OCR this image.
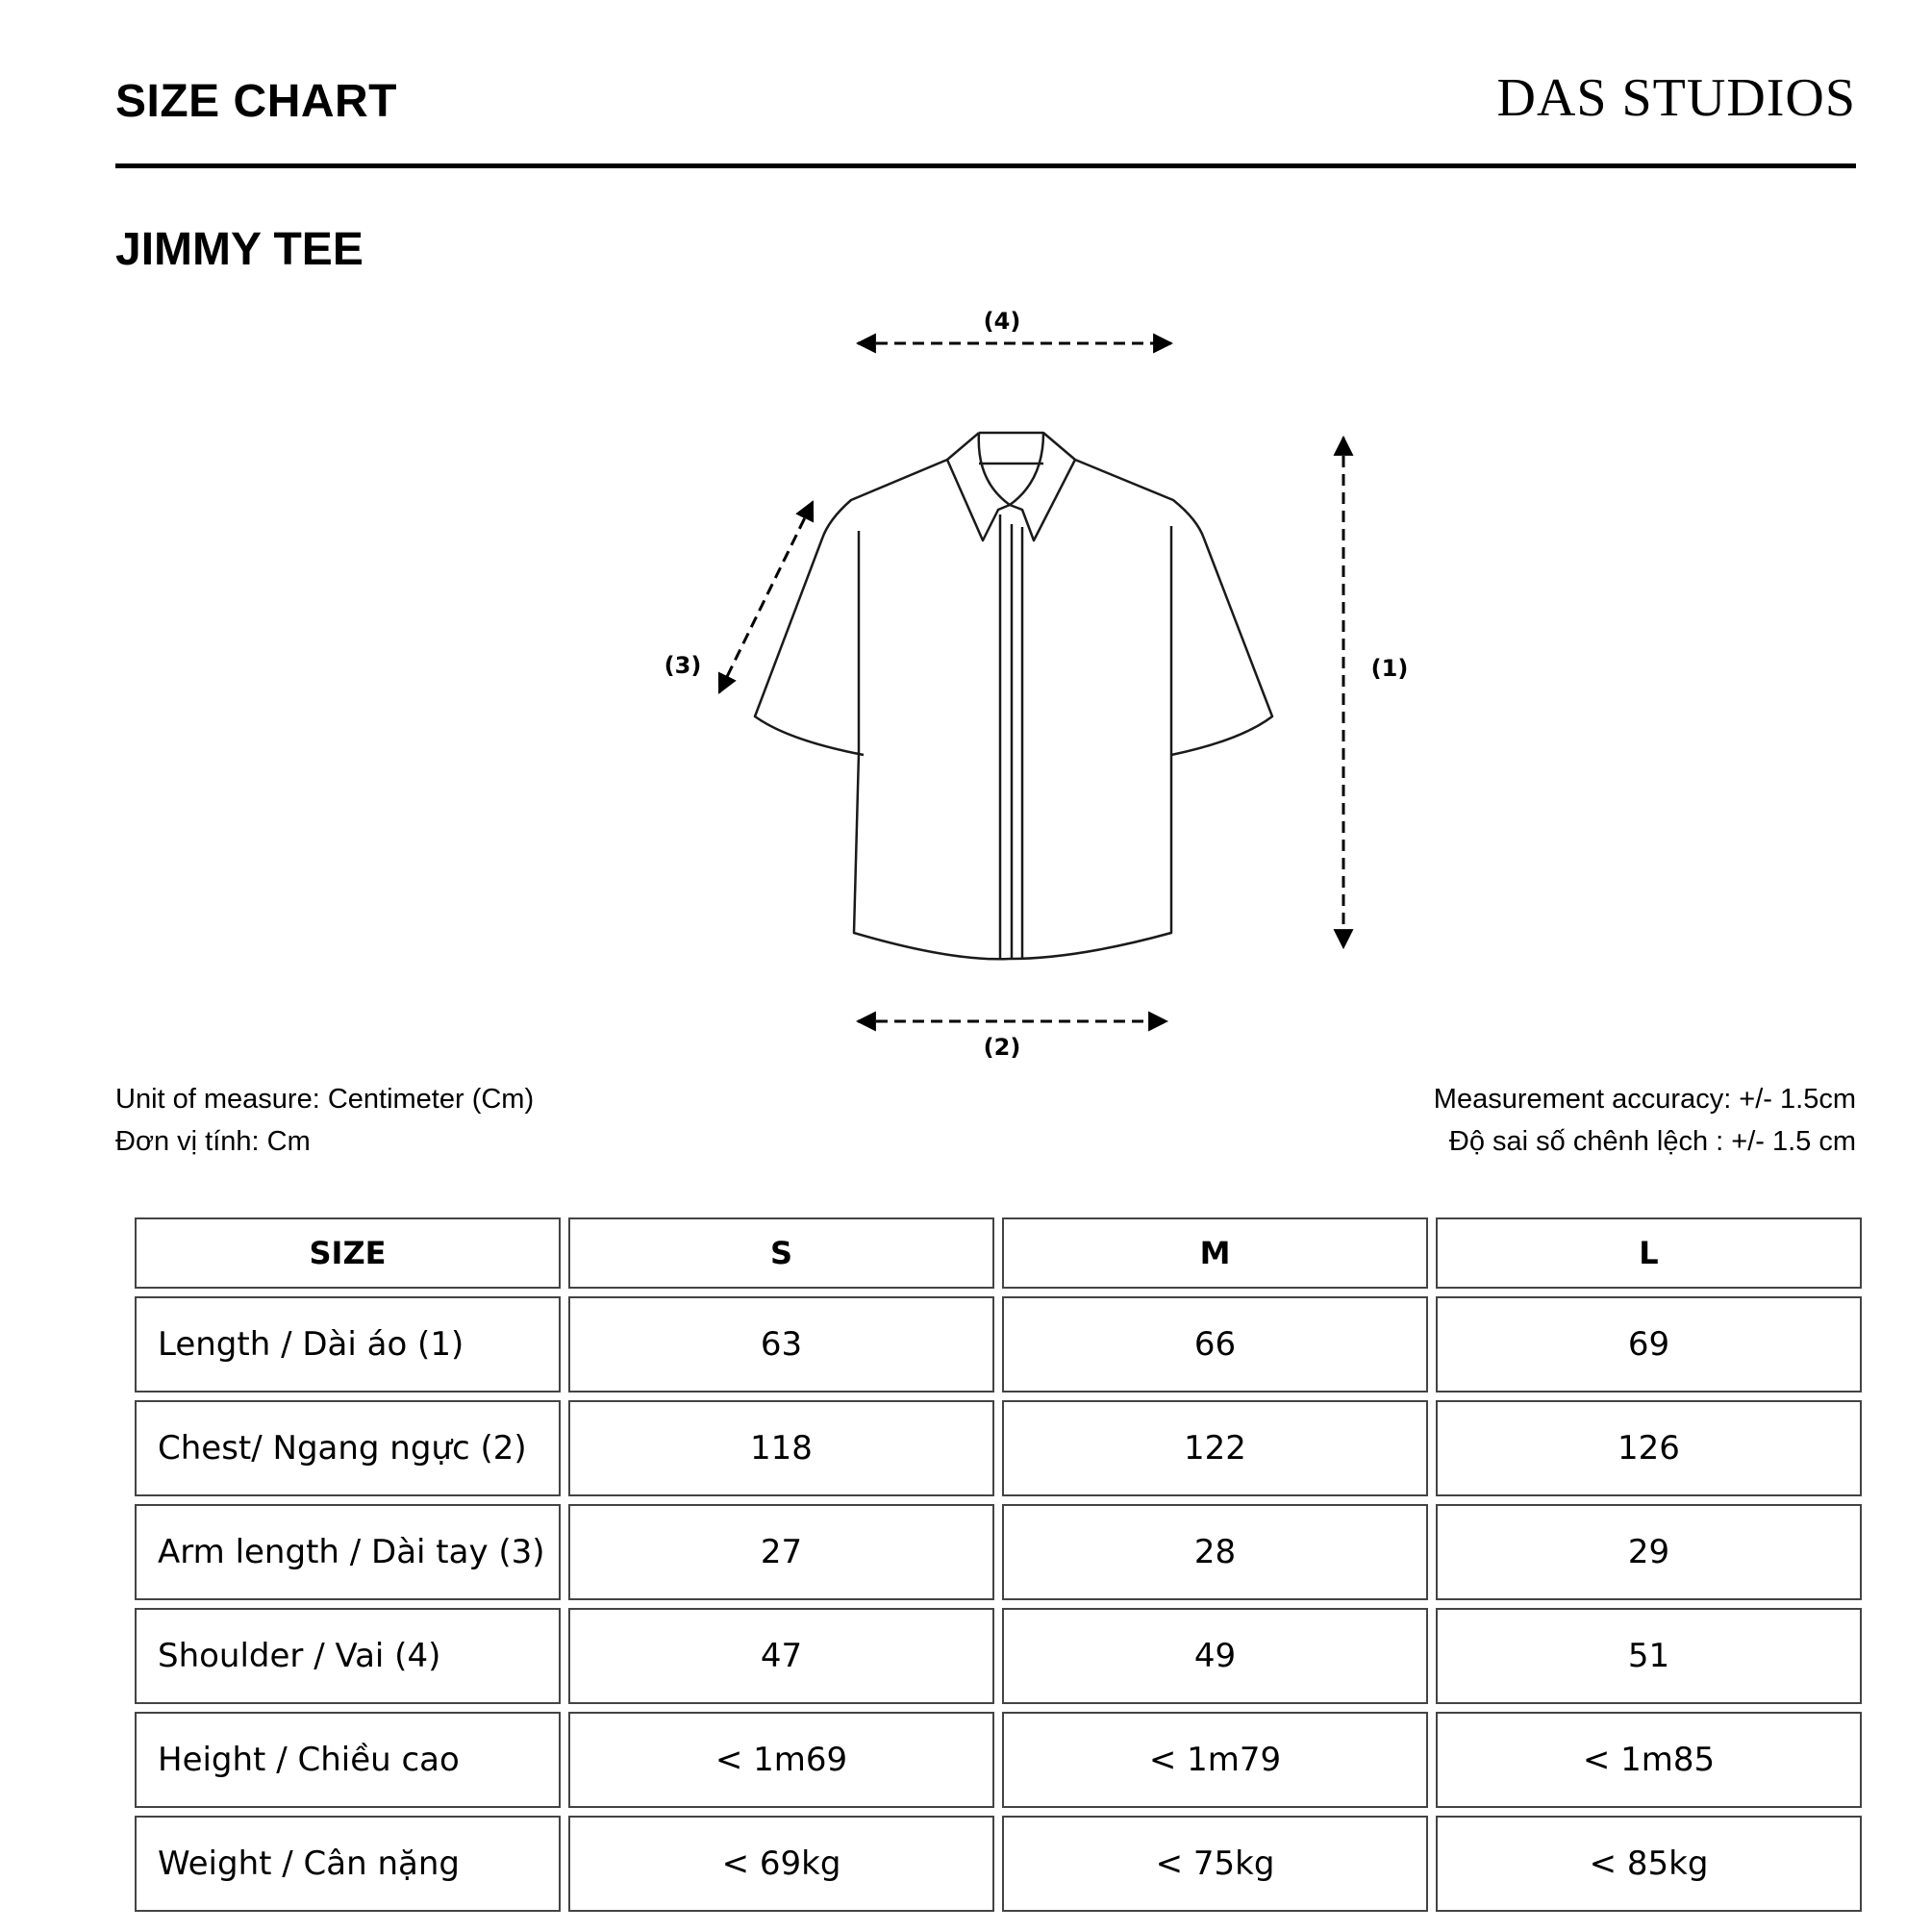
SIZE CHART	DAS STUDIOS
JIMMY TEE
(4)
(2)
(3)	(1)
Unit of measure: Centimeter (Cm)
Đơn vị tính: Cm
Measurement accuracy: +/- 1.5cm
Độ sai số chênh lệch : +/- 1.5 cm
SIZE	S	M	L
Length / Dài áo (1)	63	66	69
Chest/ Ngang ngực (2)	118	122	126
Arm length / Dài tay (3)	27	28	29
Shoulder / Vai (4)	47	49	51
Height / Chiều cao	< 1m69	< 1m79	< 1m85
Weight / Cân nặng	< 69kg	< 75kg	< 85kg
